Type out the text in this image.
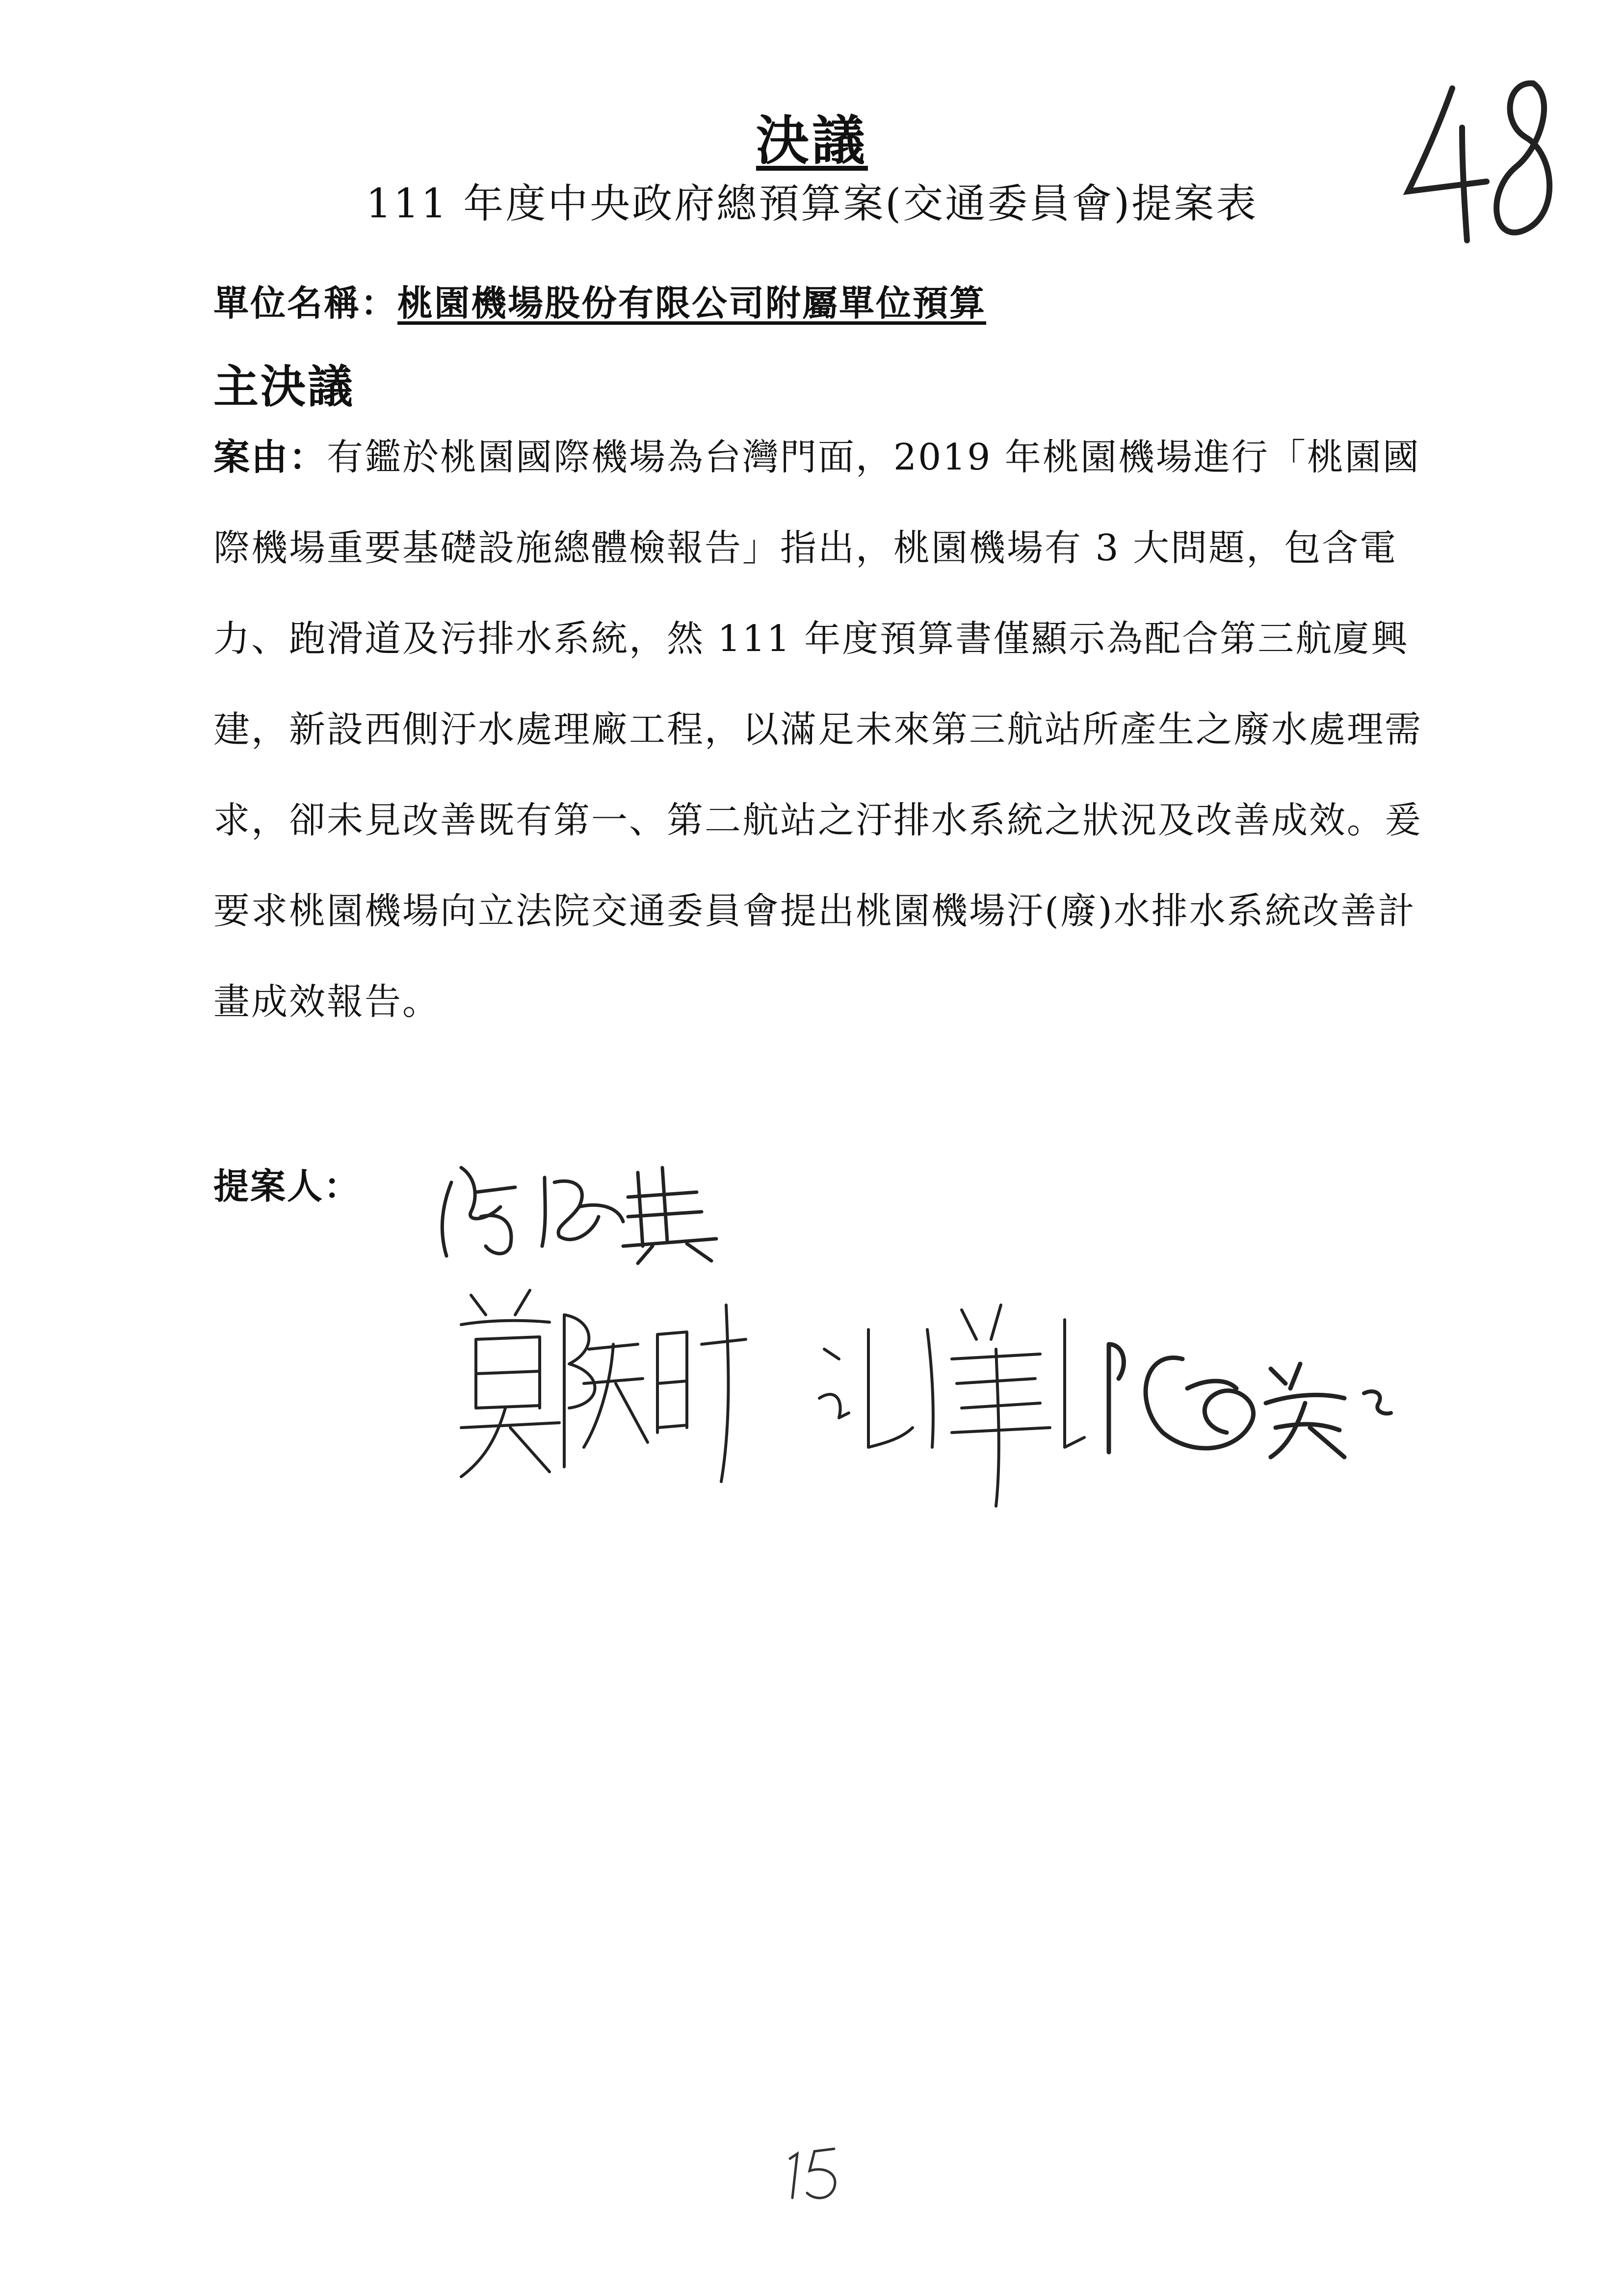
決議
111 年度中央政府總預算案(交通委員會)提案表
單位名稱：桃園機場股份有限公司附屬單位預算
主決議
案由：有鑑於桃園國際機場為台灣門面，2019 年桃園機場進行「桃園國際機場重要基礎設施總體檢報告」指出，桃園機場有 3 大問題，包含電力、跑滑道及污排水系統，然 111 年度預算書僅顯示為配合第三航廈興建，新設西側汙水處理廠工程，以滿足未來第三航站所產生之廢水處理需求，卻未見改善既有第一、第二航站之汙排水系統之狀況及改善成效。爰要求桃園機場向立法院交通委員會提出桃園機場汙(廢)水排水系統改善計畫成效報告。
提案人：
